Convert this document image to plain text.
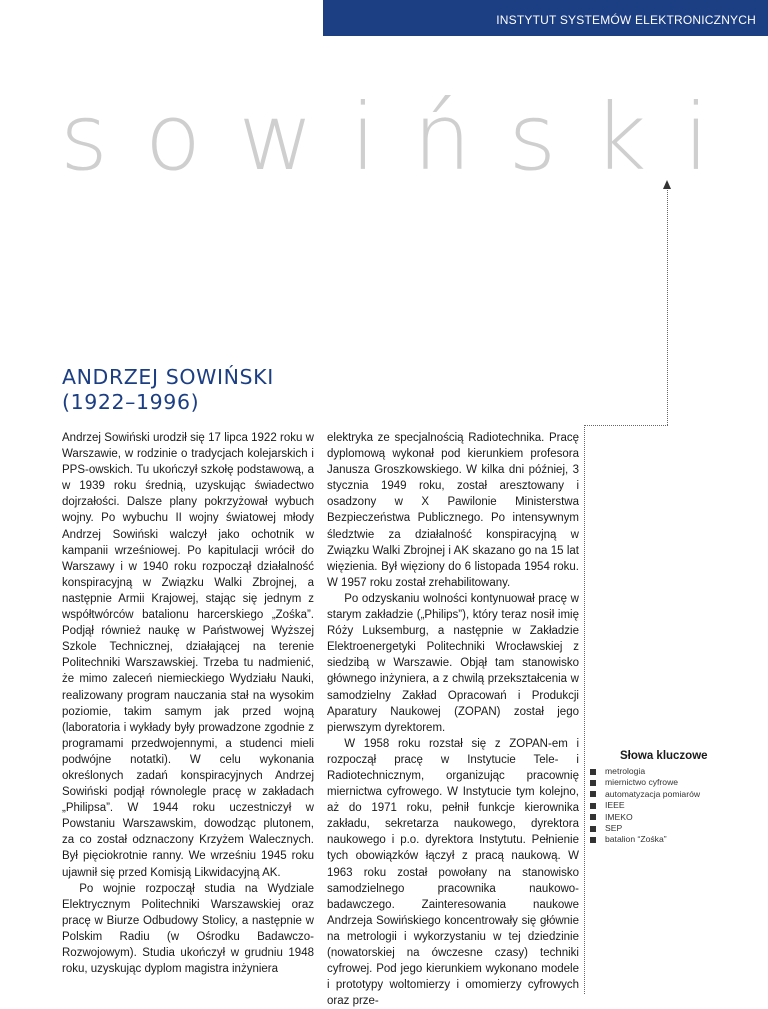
INSTYTUT SYSTEMÓW ELEKTRONICZNYCH
sowiński
ANDRZEJ SOWIŃSKI
(1922–1996)

Andrzej Sowiński urodził się 17 lipca 1922 roku w Warszawie, w rodzinie o tradycjach kolejarskich i PPS-owskich. Tu ukończył szkołę podstawową, a w 1939 roku średnią, uzyskując świadectwo dojrzałości. Dalsze plany pokrzyżował wybuch wojny. Po wybuchu II wojny światowej młody Andrzej Sowiński walczył jako ochotnik w kampanii wrześniowej. Po kapitulacji wrócił do Warszawy i w 1940 roku rozpoczął działalność konspiracyjną w Związku Walki Zbrojnej, a następnie Armii Krajowej, stając się jednym z współtwórców batalionu harcerskiego „Zośka”. Podjął również naukę w Państwowej Wyższej Szkole Technicznej, działającej na terenie Politechniki Warszawskiej. Trzeba tu nadmienić, że mimo zaleceń niemieckiego Wydziału Nauki, realizowany program nauczania stał na wysokim poziomie, takim samym jak przed wojną (laboratoria i wykłady były prowadzone zgodnie z programami przedwojennymi, a studenci mieli podwójne notatki). W celu wykonania określonych zadań konspiracyjnych Andrzej Sowiński podjął równolegle pracę w zakładach „Philipsa”. W 1944 roku uczestniczył w Powstaniu Warszawskim, dowodząc plutonem, za co został odznaczony Krzyżem Walecznych. Był pięciokrotnie ranny. We wrześniu 1945 roku ujawnił się przed Komisją Likwidacyjną AK.

Po wojnie rozpoczął studia na Wydziale Elektrycznym Politechniki Warszawskiej oraz pracę w Biurze Odbudowy Stolicy, a następnie w Polskim Radiu (w Ośrodku Badawczo-Rozwojowym). Studia ukończył w grudniu 1948 roku, uzyskując dyplom magistra inżyniera

elektryka ze specjalnością Radiotechnika. Pracę dyplomową wykonał pod kierunkiem profesora Janusza Groszkowskiego. W kilka dni później, 3 stycznia 1949 roku, został aresztowany i osadzony w X Pawilonie Ministerstwa Bezpieczeństwa Publicznego. Po intensywnym śledztwie za działalność konspiracyjną w Związku Walki Zbrojnej i AK skazano go na 15 lat więzienia. Był więziony do 6 listopada 1954 roku. W 1957 roku został zrehabilitowany.

Po odzyskaniu wolności kontynuował pracę w starym zakładzie („Philips”), który teraz nosił imię Róży Luksemburg, a następnie w Zakładzie Elektroenergetyki Politechniki Wrocławskiej z siedzibą w Warszawie. Objął tam stanowisko głównego inżyniera, a z chwilą przekształcenia w samodzielny Zakład Opracowań i Produkcji Aparatury Naukowej (ZOPAN) został jego pierwszym dyrektorem.

W 1958 roku rozstał się z ZOPAN-em i rozpoczął pracę w Instytucie Tele- i Radiotechnicznym, organizując pracownię miernictwa cyfrowego. W Instytucie tym kolejno, aż do 1971 roku, pełnił funkcje kierownika zakładu, sekretarza naukowego, dyrektora naukowego i p.o. dyrektora Instytutu. Pełnienie tych obowiązków łączył z pracą naukową. W 1963 roku został powołany na stanowisko samodzielnego pracownika naukowo-badawczego. Zainteresowania naukowe Andrzeja Sowińskiego koncentrowały się głównie na metrologii i wykorzystaniu w tej dziedzinie (nowatorskiej na ówczesne czasy) techniki cyfrowej. Pod jego kierunkiem wykonano modele i prototypy woltomierzy i omomierzy cyfrowych oraz prze-

Słowa kluczowe
metrologia
miernictwo cyfrowe
automatyzacja pomiarów
IEEE
IMEKO
SEP
batalion “Zośka”
